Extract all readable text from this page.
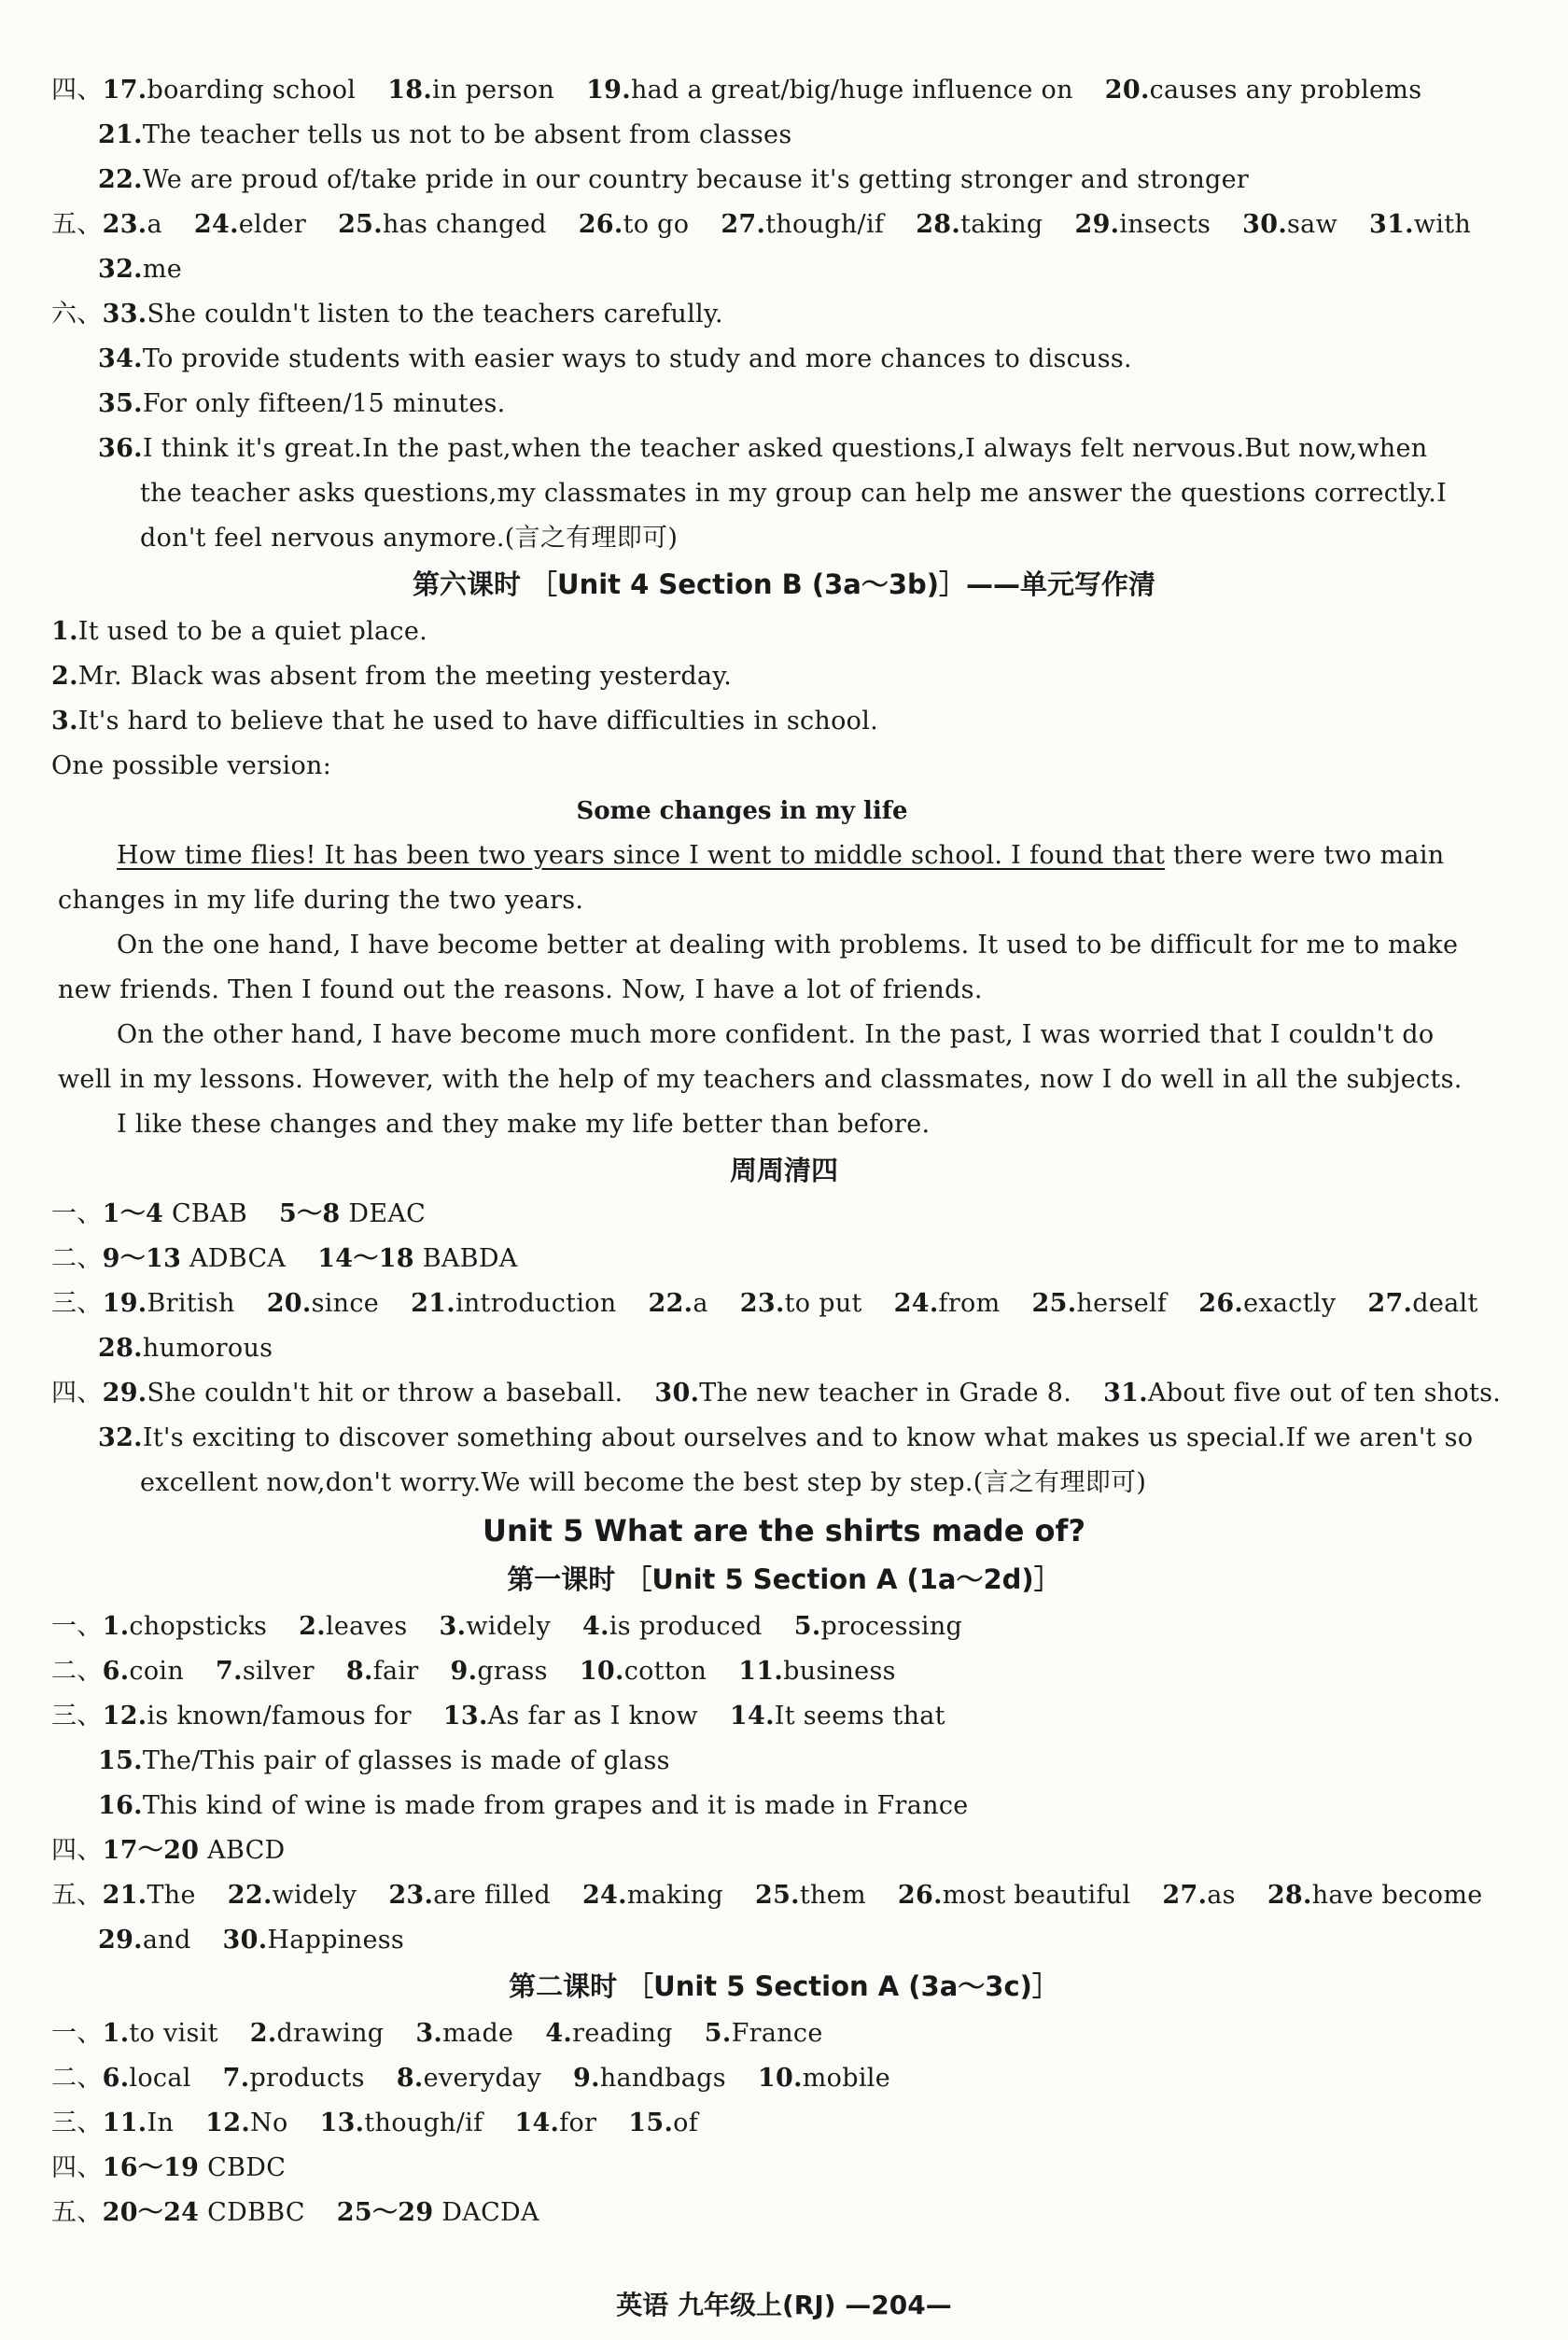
四、17.boarding school 18.in person 19.had a great/big/huge influence on 20.causes any problems
21.The teacher tells us not to be absent from classes
22.We are proud of/take pride in our country because it's getting stronger and stronger
五、23.a 24.elder 25.has changed 26.to go 27.though/if 28.taking 29.insects 30.saw 31.with
32.me
六、33.She couldn't listen to the teachers carefully.
34.To provide students with easier ways to study and more chances to discuss.
35.For only fifteen/15 minutes.
36.I think it's great.In the past,when the teacher asked questions,I always felt nervous.But now,when
the teacher asks questions,my classmates in my group can help me answer the questions correctly.I
don't feel nervous anymore.(言之有理即可)
第六课时 ［Unit 4 Section B (3a～3b)］——单元写作清
1.It used to be a quiet place.
2.Mr. Black was absent from the meeting yesterday.
3.It's hard to believe that he used to have difficulties in school.
One possible version:
Some changes in my life
How time flies! It has been two years since I went to middle school. I found that there were two main
changes in my life during the two years.
On the one hand, I have become better at dealing with problems. It used to be difficult for me to make
new friends. Then I found out the reasons. Now, I have a lot of friends.
On the other hand, I have become much more confident. In the past, I was worried that I couldn't do
well in my lessons. However, with the help of my teachers and classmates, now I do well in all the subjects.
I like these changes and they make my life better than before.
周周清四
一、1～4 CBAB 5～8 DEAC
二、9～13 ADBCA 14～18 BABDA
三、19.British 20.since 21.introduction 22.a 23.to put 24.from 25.herself 26.exactly 27.dealt
28.humorous
四、29.She couldn't hit or throw a baseball. 30.The new teacher in Grade 8. 31.About five out of ten shots.
32.It's exciting to discover something about ourselves and to know what makes us special.If we aren't so
excellent now,don't worry.We will become the best step by step.(言之有理即可)
Unit 5 What are the shirts made of?
第一课时 ［Unit 5 Section A (1a～2d)］
一、1.chopsticks 2.leaves 3.widely 4.is produced 5.processing
二、6.coin 7.silver 8.fair 9.grass 10.cotton 11.business
三、12.is known/famous for 13.As far as I know 14.It seems that
15.The/This pair of glasses is made of glass
16.This kind of wine is made from grapes and it is made in France
四、17～20 ABCD
五、21.The 22.widely 23.are filled 24.making 25.them 26.most beautiful 27.as 28.have become
29.and 30.Happiness
第二课时 ［Unit 5 Section A (3a～3c)］
一、1.to visit 2.drawing 3.made 4.reading 5.France
二、6.local 7.products 8.everyday 9.handbags 10.mobile
三、11.In 12.No 13.though/if 14.for 15.of
四、16～19 CBDC
五、20～24 CDBBC 25～29 DACDA
英语 九年级上(RJ) —204—
